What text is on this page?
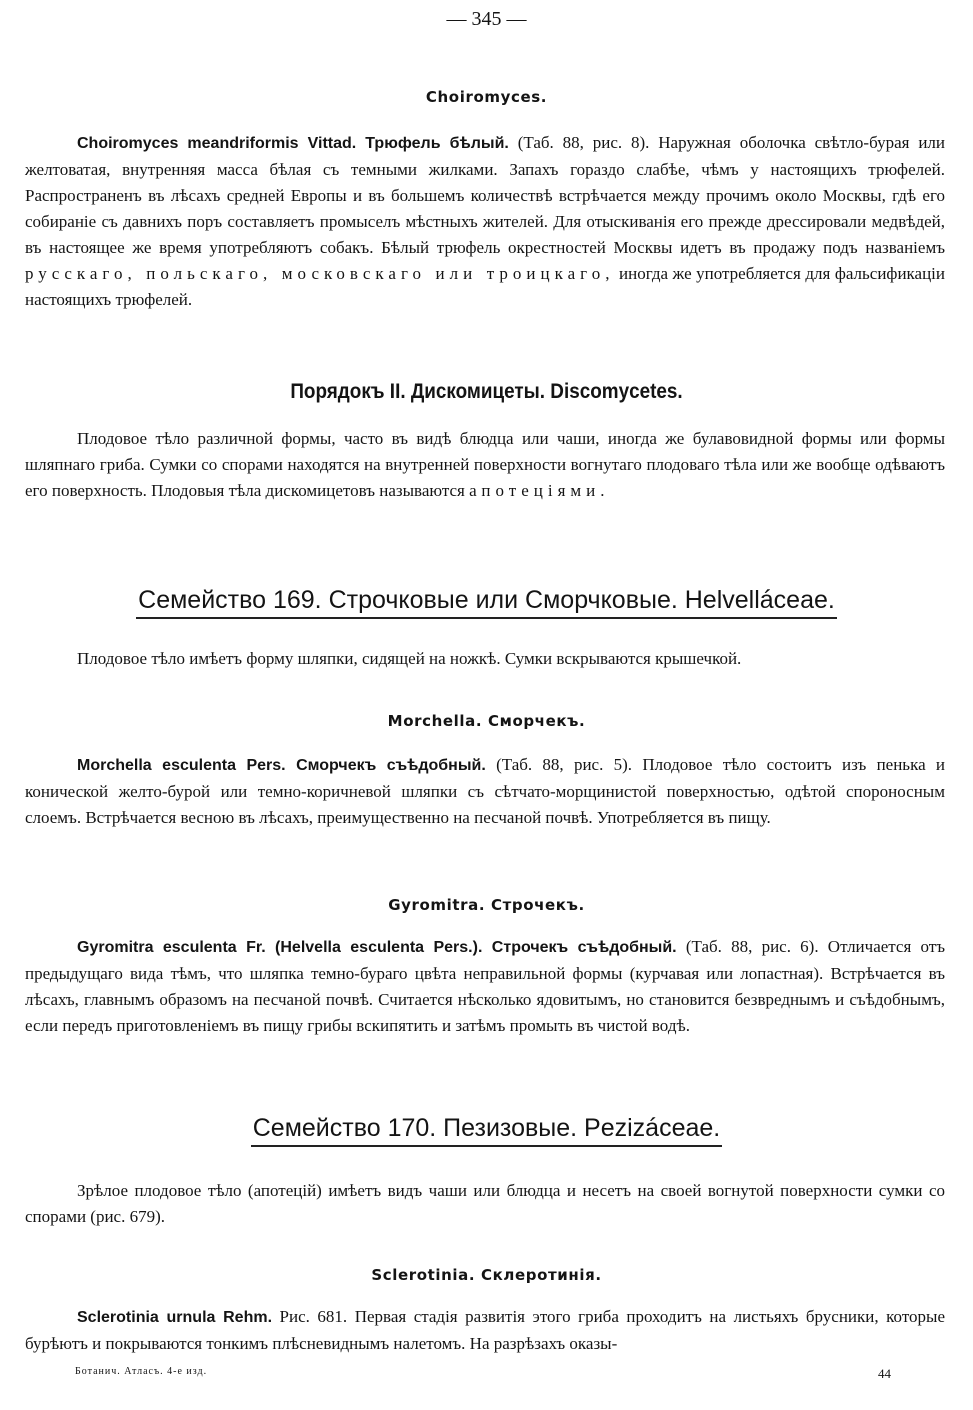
— 345 —
Choiromyces.

Choiromyces meandriformis Vittad. Трюфель бѣлый. (Таб. 88, рис. 8). Наружная оболочка свѣтло-бурая или желтоватая, внутренняя масса бѣлая съ темными жилками. Запахъ гораздо слабѣе, чѣмъ у настоящихъ трюфелей. Распространенъ въ лѣсахъ средней Европы и въ большемъ количествѣ встрѣчается между прочимъ около Москвы, гдѣ его собираніе съ давнихъ поръ составляетъ промыселъ мѣстныхъ жителей. Для отыскиванія его прежде дрессировали медвѣдей, въ настоящее же время употребляютъ собакъ. Бѣлый трюфель окрестностей Москвы идетъ въ продажу подъ названіемъ русскаго, польскаго, московскаго или троицкаго, иногда же употребляется для фальсификаціи настоящихъ трюфелей.

Порядокъ II. Дискомицеты. Discomycetes.

Плодовое тѣло различной формы, часто въ видѣ блюдца или чаши, иногда же булавовидной формы или формы шляпнаго гриба. Сумки со спорами находятся на внутренней поверхности вогнутаго плодоваго тѣла или же вообще одѣваютъ его поверхность. Плодовыя тѣла дискомицетовъ называются апотеціями.

Семейство 169. Строчковые или Сморчковые. Helvellácеае.

Плодовое тѣло имѣетъ форму шляпки, сидящей на ножкѣ. Сумки вскрываются крышечкой.

Morchella. Сморчекъ.

Morchella esculenta Pers. Сморчекъ съѣдобный. (Таб. 88, рис. 5). Плодовое тѣло состоитъ изъ пенька и конической желто-бурой или темно-коричневой шляпки съ сѣтчато-морщинистой поверхностью, одѣтой спороносным слоемъ. Встрѣчается весною въ лѣсахъ, преимущественно на песчаной почвѣ. Употребляется въ пищу.

Gyromitra. Строчекъ.

Gyromitra esculenta Fr. (Helvella esculenta Pers.). Строчекъ съѣдобный. (Таб. 88, рис. 6). Отличается отъ предыдущаго вида тѣмъ, что шляпка темно-бураго цвѣта неправильной формы (курчавая или лопастная). Встрѣчается въ лѣсахъ, главнымъ образомъ на песчаной почвѣ. Считается нѣсколько ядовитымъ, но становится безвреднымъ и съѣдобнымъ, если передъ приготовленіемъ въ пищу грибы вскипятить и затѣмъ промыть въ чистой водѣ.

Семейство 170. Пезизовые. Pezizácеае.

Зрѣлое плодовое тѣло (апотецій) имѣетъ видъ чаши или блюдца и несетъ на своей вогнутой поверхности сумки со спорами (рис. 679).

Sclerotinia. Склеротинія.

Sclerotinia urnula Rehm. Рис. 681. Первая стадія развитія этого гриба проходитъ на листьяхъ брусники, которые бурѣютъ и покрываются тонкимъ плѣсневиднымъ налетомъ. На разрѣзахъ оказы-

Ботанич. Атласъ. 4-е изд.	44
